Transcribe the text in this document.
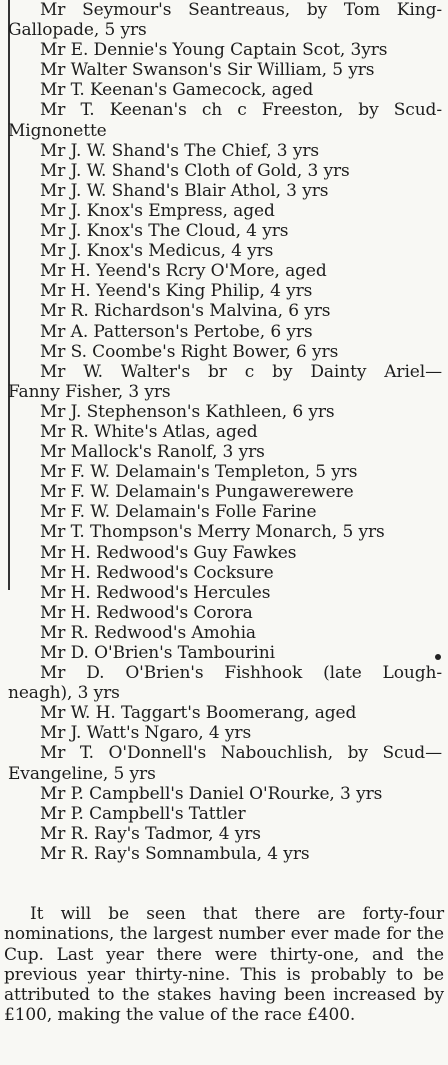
Mr Seymour's Seantreaus, by Tom King-
Gallopade, 5 yrs
Mr E. Dennie's Young Captain Scot, 3yrs
Mr Walter Swanson's Sir William, 5 yrs
Mr T. Keenan's Gamecock, aged
Mr T. Keenan's ch c Freeston, by Scud-
Mignonette
Mr J. W. Shand's The Chief, 3 yrs
Mr J. W. Shand's Cloth of Gold, 3 yrs
Mr J. W. Shand's Blair Athol, 3 yrs
Mr J. Knox's Empress, aged
Mr J. Knox's The Cloud, 4 yrs
Mr J. Knox's Medicus, 4 yrs
Mr H. Yeend's Rcry O'More, aged
Mr H. Yeend's King Philip, 4 yrs
Mr R. Richardson's Malvina, 6 yrs
Mr A. Patterson's Pertobe, 6 yrs
Mr S. Coombe's Right Bower, 6 yrs
Mr W. Walter's br c by Dainty Ariel—
Fanny Fisher, 3 yrs
Mr J. Stephenson's Kathleen, 6 yrs
Mr R. White's Atlas, aged
Mr Mallock's Ranolf, 3 yrs
Mr F. W. Delamain's Templeton, 5 yrs
Mr F. W. Delamain's Pungawerewere
Mr F. W. Delamain's Folle Farine
Mr T. Thompson's Merry Monarch, 5 yrs
Mr H. Redwood's Guy Fawkes
Mr H. Redwood's Cocksure
Mr H. Redwood's Hercules
Mr H. Redwood's Corora
Mr R. Redwood's Amohia
Mr D. O'Brien's Tambourini
Mr D. O'Brien's Fishhook (late Lough-
neagh), 3 yrs
Mr W. H. Taggart's Boomerang, aged
Mr J. Watt's Ngaro, 4 yrs
Mr T. O'Donnell's Nabouchlish, by Scud—
Evangeline, 5 yrs
Mr P. Campbell's Daniel O'Rourke, 3 yrs
Mr P. Campbell's Tattler
Mr R. Ray's Tadmor, 4 yrs
Mr R. Ray's Somnambula, 4 yrs

It will be seen that there are forty-four nominations, the largest number ever made for the Cup. Last year there were thirty-one, and the previous year thirty-nine. This is probably to be attributed to the stakes having been increased by £100, making the value of the race £400.
